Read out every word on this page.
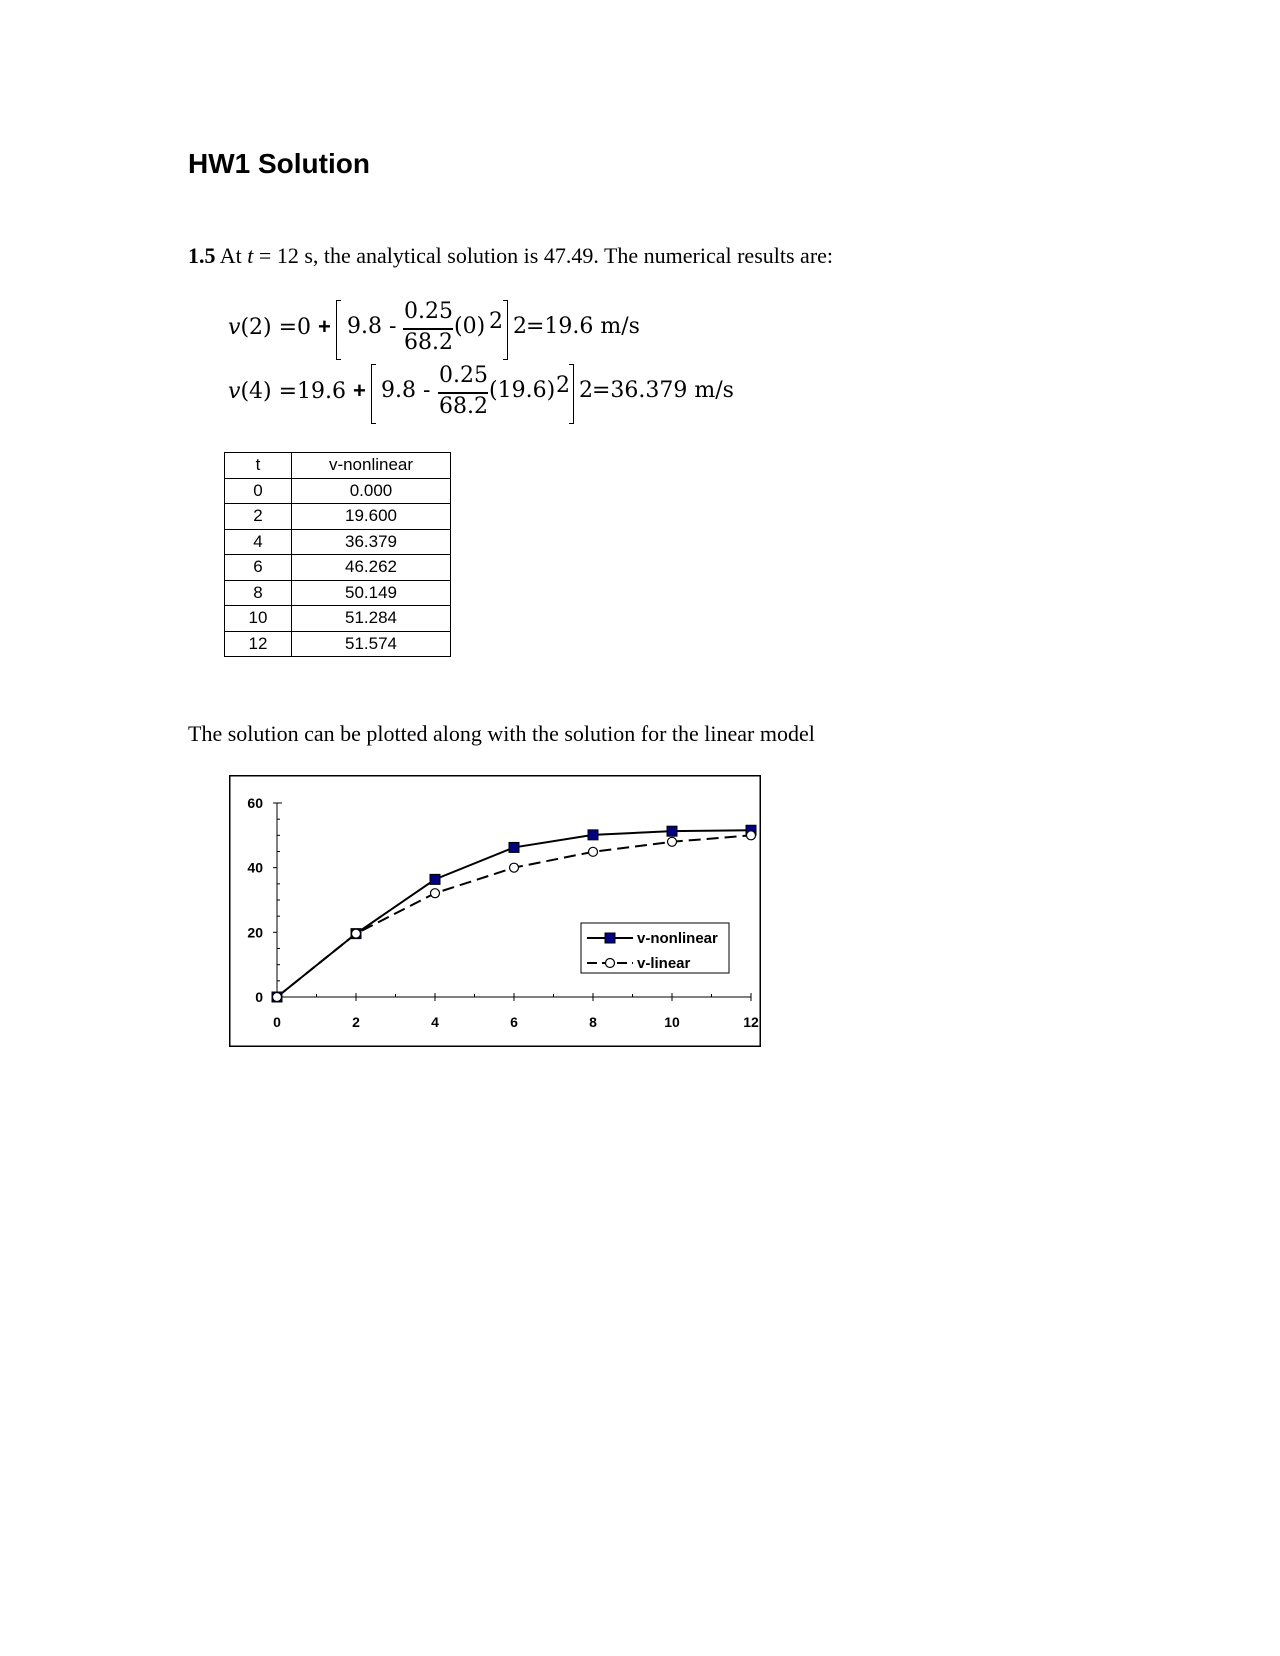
HW1 Solution
1.5 At t = 12 s, the analytical solution is 47.49. The numerical results are:
v(2) =0 + 9.8 -
0.25
68.2
(0) 2 2 =19.6 m/s
v(4) =19.6 + 9.8 -
0.25
68.2
(19.6) 2 2 =36.379 m/s
t	v-nonlinear
0	0.000
2	19.600
4	36.379
6	46.262
8	50.149
10	51.284
12	51.574
The solution can be plotted along with the solution for the linear model
0
20
40
60
0	2	4	6	8	10	12
v-nonlinear
v-linear
